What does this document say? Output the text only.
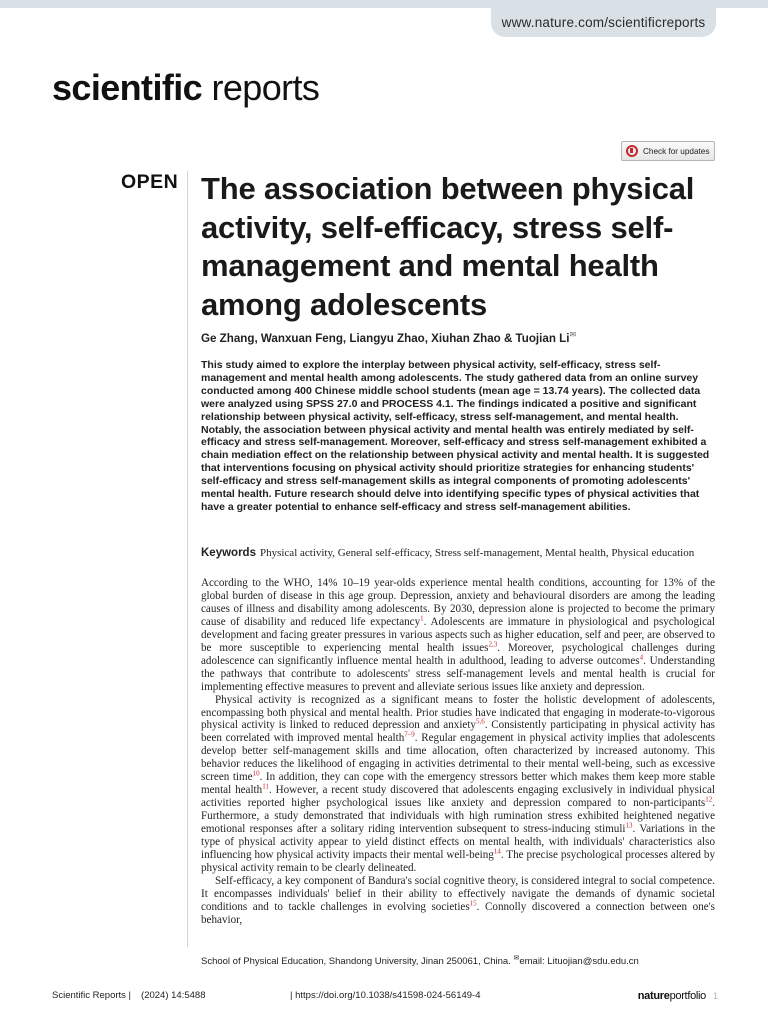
www.nature.com/scientificreports
scientific reports
Check for updates
OPEN The association between physical activity, self-efficacy, stress self-management and mental health among adolescents
Ge Zhang, Wanxuan Feng, Liangyu Zhao, Xiuhan Zhao & Tuojian Li✉

This study aimed to explore the interplay between physical activity, self-efficacy, stress self-management and mental health among adolescents. The study gathered data from an online survey conducted among 400 Chinese middle school students (mean age = 13.74 years). The collected data were analyzed using SPSS 27.0 and PROCESS 4.1. The findings indicated a positive and significant relationship between physical activity, self-efficacy, stress self-management, and mental health. Notably, the association between physical activity and mental health was entirely mediated by self-efficacy and stress self-management. Moreover, self-efficacy and stress self-management exhibited a chain mediation effect on the relationship between physical activity and mental health. It is suggested that interventions focusing on physical activity should prioritize strategies for enhancing students' self-efficacy and stress self-management skills as integral components of promoting adolescents' mental health. Future research should delve into identifying specific types of physical activities that have a greater potential to enhance self-efficacy and stress self-management abilities.

Keywords Physical activity, General self-efficacy, Stress self-management, Mental health, Physical education

According to the WHO, 14% 10–19 year-olds experience mental health conditions, accounting for 13% of the global burden of disease in this age group. Depression, anxiety and behavioural disorders are among the leading causes of illness and disability among adolescents. By 2030, depression alone is projected to become the primary cause of disability and reduced life expectancy$^1$. Adolescents are immature in physiological and psychological development and facing greater pressures in various aspects such as higher education, self and peer, are observed to be more susceptible to experiencing mental health issues$^{2,3}$. Moreover, psychological challenges during adolescence can significantly influence mental health in adulthood, leading to adverse outcomes$^4$. Understanding the pathways that contribute to adolescents' stress self-management levels and mental health is crucial for implementing effective measures to prevent and alleviate serious issues like anxiety and depression.

Physical activity is recognized as a significant means to foster the holistic development of adolescents, encompassing both physical and mental health. Prior studies have indicated that engaging in moderate-to-vigorous physical activity is linked to reduced depression and anxiety$^{5,6}$. Consistently participating in physical activity has been correlated with improved mental health$^{7-9}$. Regular engagement in physical activity implies that adolescents develop better self-management skills and time allocation, often characterized by increased autonomy. This behavior reduces the likelihood of engaging in activities detrimental to their mental well-being, such as excessive screen time$^{10}$. In addition, they can cope with the emergency stressors better which makes them keep more stable mental health$^{11}$. However, a recent study discovered that adolescents engaging exclusively in individual physical activities reported higher psychological issues like anxiety and depression compared to non-participants$^{12}$. Furthermore, a study demonstrated that individuals with high rumination stress exhibited heightened negative emotional responses after a solitary riding intervention subsequent to stress-inducing stimuli$^{13}$. Variations in the type of physical activity appear to yield distinct effects on mental health, with individuals' characteristics also influencing how physical activity impacts their mental well-being$^{14}$. The precise psychological processes altered by physical activity remain to be clearly delineated.

Self-efficacy, a key component of Bandura's social cognitive theory, is considered integral to social competence. It encompasses individuals' belief in their ability to effectively navigate the demands of dynamic societal conditions and to tackle challenges in evolving societies$^{15}$. Connolly discovered a connection between one's behavior,

School of Physical Education, Shandong University, Jinan 250061, China. ✉email: Lituojian@sdu.edu.cn
Scientific Reports | (2024) 14:5488	| https://doi.org/10.1038/s41598-024-56149-4	natureportfolio 1
